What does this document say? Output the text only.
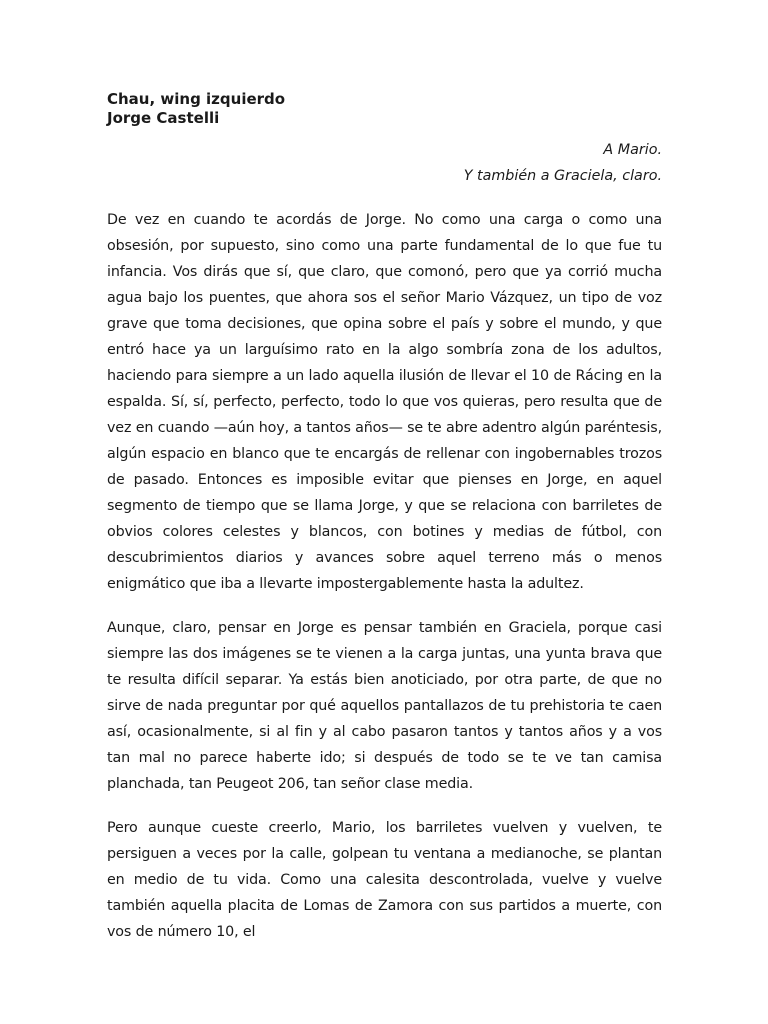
Chau, wing izquierdo
Jorge Castelli
A Mario.
Y también a Graciela, claro.

De vez en cuando te acordás de Jorge. No como una carga o como una obsesión, por supuesto, sino como una parte fundamental de lo que fue tu infancia. Vos dirás que sí, que claro, que comonó, pero que ya corrió mucha agua bajo los puentes, que ahora sos el señor Mario Vázquez, un tipo de voz grave que toma decisiones, que opina sobre el país y sobre el mundo, y que entró hace ya un larguísimo rato en la algo sombría zona de los adultos, haciendo para siempre a un lado aquella ilusión de llevar el 10 de Rácing en la espalda. Sí, sí, perfecto, perfecto, todo lo que vos quieras, pero resulta que de vez en cuando —aún hoy, a tantos años— se te abre adentro algún paréntesis, algún espacio en blanco que te encargás de rellenar con ingobernables trozos de pasado. Entonces es imposible evitar que pienses en Jorge, en aquel segmento de tiempo que se llama Jorge, y que se relaciona con barriletes de obvios colores celestes y blancos, con botines y medias de fútbol, con descubrimientos diarios y avances sobre aquel terreno más o menos enigmático que iba a llevarte impostergablemente hasta la adultez.

Aunque, claro, pensar en Jorge es pensar también en Graciela, porque casi siempre las dos imágenes se te vienen a la carga juntas, una yunta brava que te resulta difícil separar. Ya estás bien anoticiado, por otra parte, de que no sirve de nada preguntar por qué aquellos pantallazos de tu prehistoria te caen así, ocasionalmente, si al fin y al cabo pasaron tantos y tantos años y a vos tan mal no parece haberte ido; si después de todo se te ve tan camisa planchada, tan Peugeot 206, tan señor clase media.

Pero aunque cueste creerlo, Mario, los barriletes vuelven y vuelven, te persiguen a veces por la calle, golpean tu ventana a medianoche, se plantan en medio de tu vida. Como una calesita descontrolada, vuelve y vuelve también aquella placita de Lomas de Zamora con sus partidos a muerte, con vos de número 10, el
